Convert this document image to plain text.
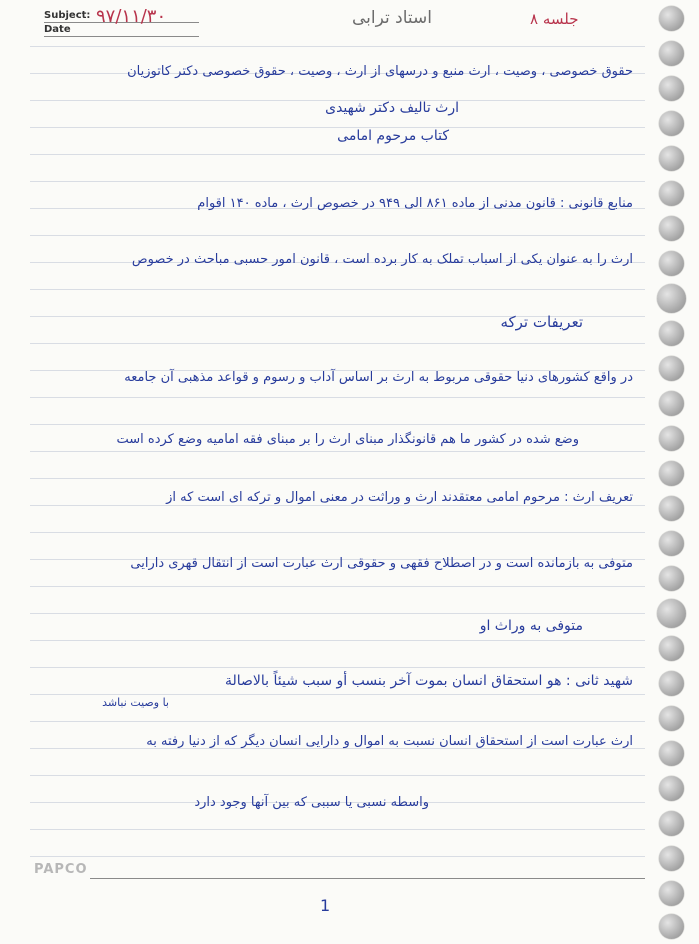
Subject:
Date
۹۷/۱۱/۳۰	استاد ترابی	جلسه ۸
حقوق خصوصی ، وصیت ، ارث منبع و درسهای از ارث ، وصیت ، حقوق خصوصی دکتر کاتوزیان
ارث تالیف دکتر شهیدی
کتاب مرحوم امامی
منابع قانونی : قانون مدنی از ماده ۸۶۱ الی ۹۴۹ در خصوص ارث ، ماده ۱۴۰ اقوام
ارث را به عنوان یکی از اسباب تملک به کار برده است ، قانون امور حسبی مباحث در خصوص
تعریفات ترکه
در واقع کشورهای دنیا حقوقی مربوط به ارث بر اساس آداب و رسوم و قواعد مذهبی آن جامعه
وضع شده در کشور ما هم قانونگذار مبنای ارث را بر مبنای فقه امامیه وضع کرده است
تعریف ارث : مرحوم امامی معتقدند ارث و وراثت در معنی اموال و ترکه ای است که از
متوفی به بازمانده است و در اصطلاح فقهی و حقوقی ارث عبارت است از انتقال قهری دارایی
متوفی به وراث او
شهید ثانی : هو استحقاق انسان بموت آخر بنسب أو سبب شیئاً بالاصالة
با وصیت نباشد
ارث عبارت است از استحقاق انسان نسبت به اموال و دارایی انسان دیگر که از دنیا رفته به
واسطه نسبی یا سببی که بین آنها وجود دارد
PAPCO
1
